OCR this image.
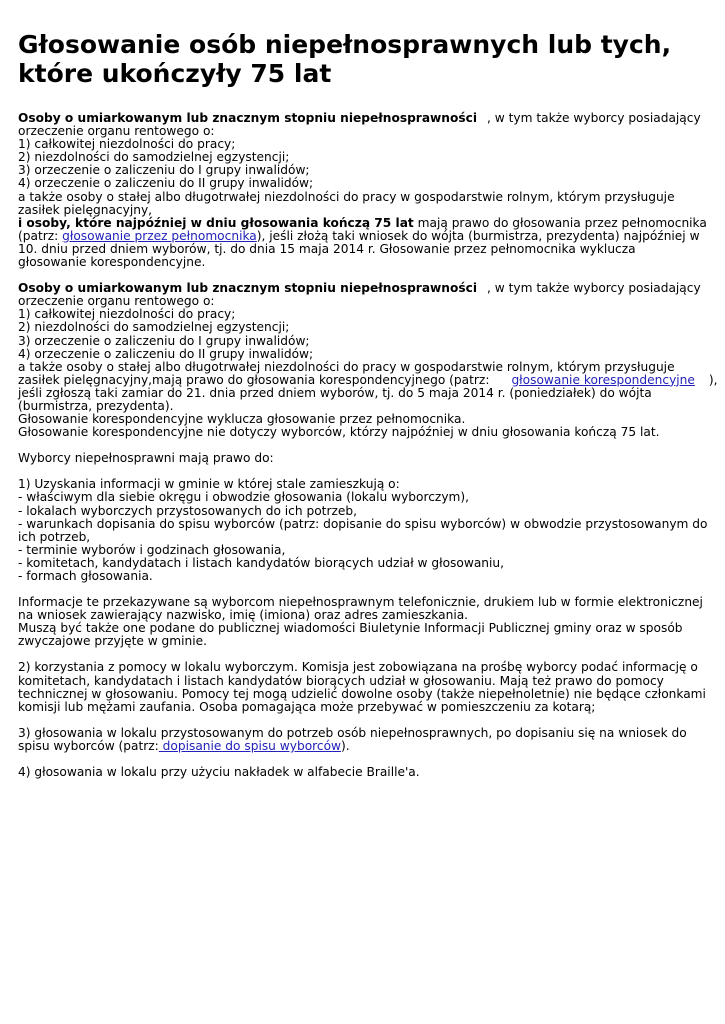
Głosowanie osób niepełnosprawnych lub tych,
które ukończyły 75 lat
Osoby o umiarkowanym lub znacznym stopniu niepełnosprawności , w tym także wyborcy posiadający
orzeczenie organu rentowego o:
1) całkowitej niezdolności do pracy;
2) niezdolności do samodzielnej egzystencji;
3) orzeczenie o zaliczeniu do I grupy inwalidów;
4) orzeczenie o zaliczeniu do II grupy inwalidów;
a także osoby o stałej albo długotrwałej niezdolności do pracy w gospodarstwie rolnym, którym przysługuje
zasiłek pielęgnacyjny,
i osoby, które najpóźniej w dniu głosowania kończą 75 lat mają prawo do głosowania przez pełnomocnika
(patrz: głosowanie przez pełnomocnika), jeśli złożą taki wniosek do wójta (burmistrza, prezydenta) najpóźniej w
10. dniu przed dniem wyborów, tj. do dnia 15 maja 2014 r. Głosowanie przez pełnomocnika wyklucza
głosowanie korespondencyjne.
Osoby o umiarkowanym lub znacznym stopniu niepełnosprawności , w tym także wyborcy posiadający
orzeczenie organu rentowego o:
1) całkowitej niezdolności do pracy;
2) niezdolności do samodzielnej egzystencji;
3) orzeczenie o zaliczeniu do I grupy inwalidów;
4) orzeczenie o zaliczeniu do II grupy inwalidów;
a także osoby o stałej albo długotrwałej niezdolności do pracy w gospodarstwie rolnym, którym przysługuje
zasiłek pielęgnacyjny,mają prawo do głosowania korespondencyjnego (patrz: głosowanie korespondencyjne ),
jeśli zgłoszą taki zamiar do 21. dnia przed dniem wyborów, tj. do 5 maja 2014 r. (poniedziałek) do wójta
(burmistrza, prezydenta).
Głosowanie korespondencyjne wyklucza głosowanie przez pełnomocnika.
Głosowanie korespondencyjne nie dotyczy wyborców, którzy najpóźniej w dniu głosowania kończą 75 lat.
Wyborcy niepełnosprawni mają prawo do:
1) Uzyskania informacji w gminie w której stale zamieszkują o:
- właściwym dla siebie okręgu i obwodzie głosowania (lokalu wyborczym),
- lokalach wyborczych przystosowanych do ich potrzeb,
- warunkach dopisania do spisu wyborców (patrz: dopisanie do spisu wyborców) w obwodzie przystosowanym do
ich potrzeb,
- terminie wyborów i godzinach głosowania,
- komitetach, kandydatach i listach kandydatów biorących udział w głosowaniu,
- formach głosowania.
Informacje te przekazywane są wyborcom niepełnosprawnym telefonicznie, drukiem lub w formie elektronicznej
na wniosek zawierający nazwisko, imię (imiona) oraz adres zamieszkania.
Muszą być także one podane do publicznej wiadomości Biuletynie Informacji Publicznej gminy oraz w sposób
zwyczajowe przyjęte w gminie.
2) korzystania z pomocy w lokalu wyborczym. Komisja jest zobowiązana na prośbę wyborcy podać informację o
komitetach, kandydatach i listach kandydatów biorących udział w głosowaniu. Mają też prawo do pomocy
technicznej w głosowaniu. Pomocy tej mogą udzielić dowolne osoby (także niepełnoletnie) nie będące członkami
komisji lub mężami zaufania. Osoba pomagająca może przebywać w pomieszczeniu za kotarą;
3) głosowania w lokalu przystosowanym do potrzeb osób niepełnosprawnych, po dopisaniu się na wniosek do
spisu wyborców (patrz: dopisanie do spisu wyborców).
4) głosowania w lokalu przy użyciu nakładek w alfabecie Braille'a.
